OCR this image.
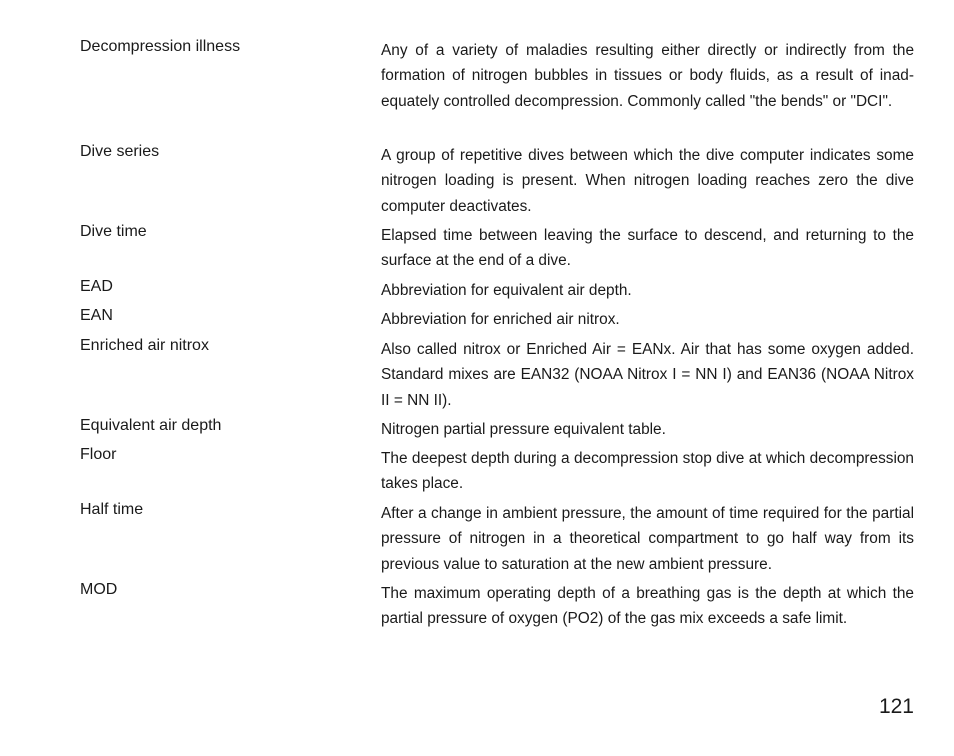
Decompression illness	Any of a variety of maladies resulting either directly or indirectly from the formation of nitrogen bubbles in tissues or body fluids, as a result of inadequately controlled decompression. Commonly called "the bends" or "DCI".
Dive series	A group of repetitive dives between which the dive computer indicates some nitrogen loading is present. When nitrogen loading reaches zero the dive computer deactivates.
Dive time	Elapsed time between leaving the surface to descend, and returning to the surface at the end of a dive.
EAD	Abbreviation for equivalent air depth.
EAN	Abbreviation for enriched air nitrox.
Enriched air nitrox	Also called nitrox or Enriched Air = EANx. Air that has some oxygen added. Standard mixes are EAN32 (NOAA Nitrox I = NN I) and EAN36 (NOAA Nitrox II = NN II).
Equivalent air depth	Nitrogen partial pressure equivalent table.
Floor	The deepest depth during a decompression stop dive at which decompression takes place.
Half time	After a change in ambient pressure, the amount of time required for the partial pressure of nitrogen in a theoretical compartment to go half way from its previous value to saturation at the new ambient pressure.
MOD	The maximum operating depth of a breathing gas is the depth at which the partial pressure of oxygen (PO2) of the gas mix exceeds a safe limit.
121
